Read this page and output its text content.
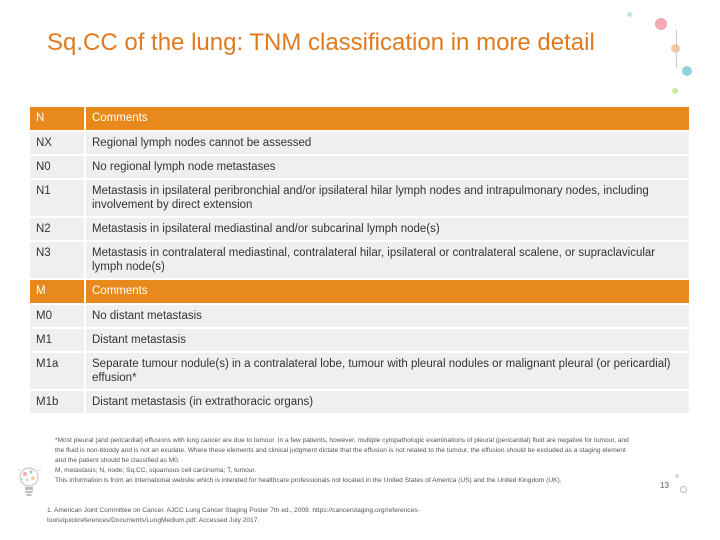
Sq.CC of the lung: TNM classification in more detail
N	Comments
NX	Regional lymph nodes cannot be assessed
N0	No regional lymph node metastases
N1	Metastasis in ipsilateral peribronchial and/or ipsilateral hilar lymph nodes and intrapulmonary nodes, including involvement by direct extension
N2	Metastasis in ipsilateral mediastinal and/or subcarinal lymph node(s)
N3	Metastasis in contralateral mediastinal, contralateral hilar, ipsilateral or contralateral scalene, or supraclavicular lymph node(s)
M	Comments
M0	No distant metastasis
M1	Distant metastasis
M1a	Separate tumour nodule(s) in a contralateral lobe, tumour with pleural nodules or malignant pleural (or pericardial) effusion*
M1b	Distant metastasis (in extrathoracic organs)

*Most pleural (and pericardial) effusions with lung cancer are due to tumour. In a few patients, however, multiple cytopathologic examinations of pleural (pericardial) fluid are negative for tumour, and the fluid is non-bloody and is not an exudate. Where these elements and clinical judgment dictate that the effusion is not related to the tumour, the effusion should be excluded as a staging element and the patient should be classified as M0.

M, metastasis; N, node; Sq.CC, squamous cell carcinoma; T, tumour.

This information is from an international website which is intended for healthcare professionals not located in the United States of America (US) and the United Kingdom (UK).

1. American Joint Committee on Cancer. AJCC Lung Cancer Staging Poster 7th ed., 2009. https://cancerstaging.org/references-tools/quickreferences/Documents/LungMedium.pdf. Accessed July 2017.
13
